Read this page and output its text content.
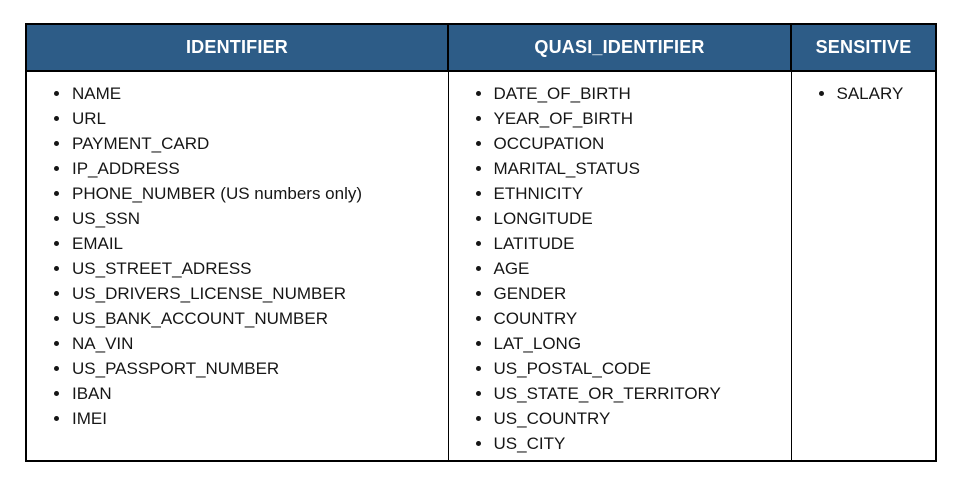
IDENTIFIER	QUASI_IDENTIFIER	SENSITIVE

• NAME
• URL
• PAYMENT_CARD
• IP_ADDRESS
• PHONE_NUMBER (US numbers only)
• US_SSN
• EMAIL
• US_STREET_ADRESS
• US_DRIVERS_LICENSE_NUMBER
• US_BANK_ACCOUNT_NUMBER
• NA_VIN
• US_PASSPORT_NUMBER
• IBAN
• IMEI

• DATE_OF_BIRTH
• YEAR_OF_BIRTH
• OCCUPATION
• MARITAL_STATUS
• ETHNICITY
• LONGITUDE
• LATITUDE
• AGE
• GENDER
• COUNTRY
• LAT_LONG
• US_POSTAL_CODE
• US_STATE_OR_TERRITORY
• US_COUNTRY
• US_CITY

• SALARY
